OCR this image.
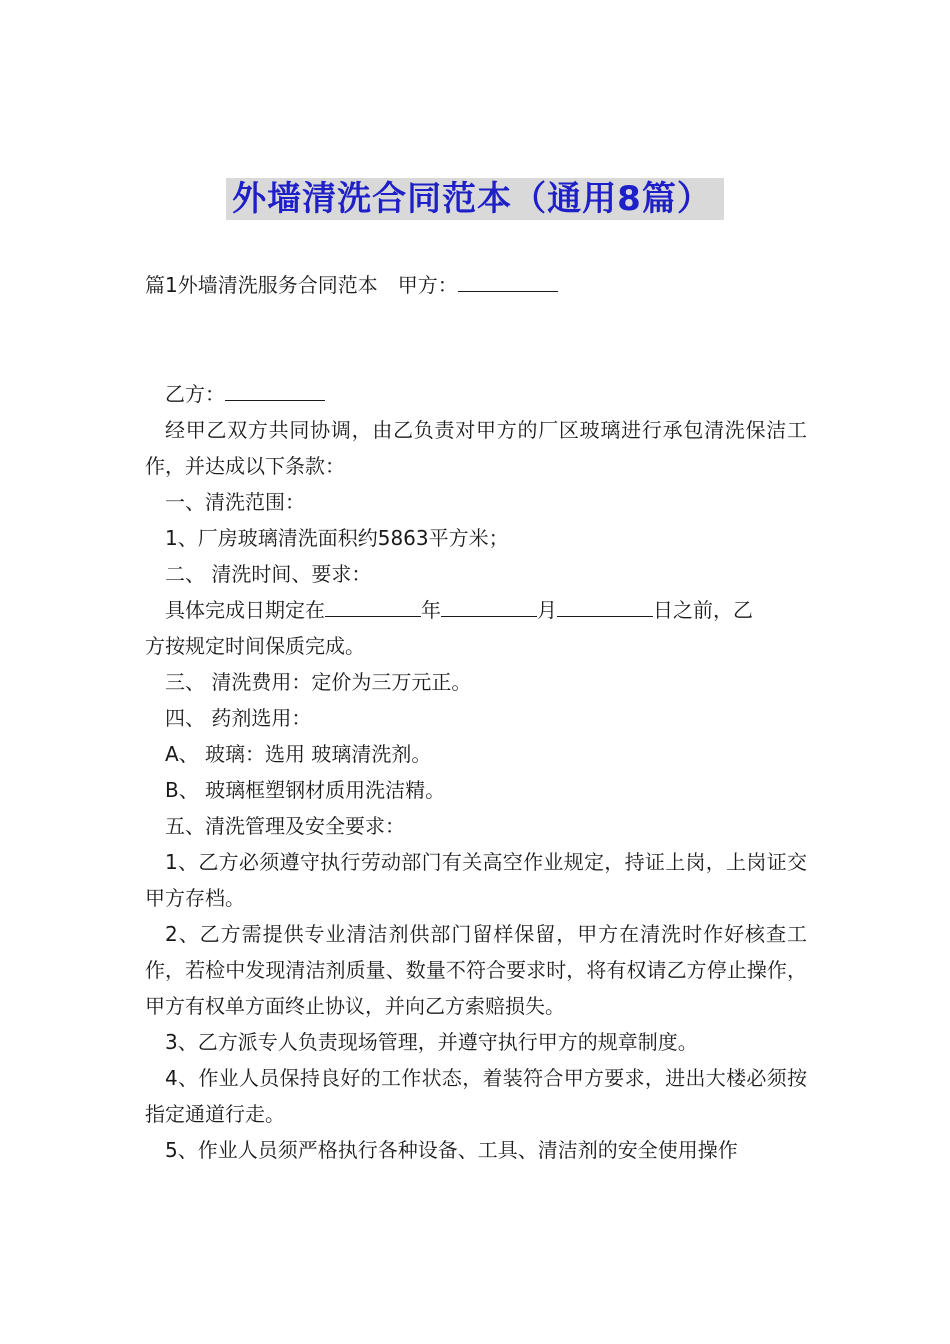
外墙清洗合同范本（通用8篇）
篇1外墙清洗服务合同范本　甲方：
乙方：
经甲乙双方共同协调，由乙负责对甲方的厂区玻璃进行承包清洗保洁工作，并达成以下条款：
一、清洗范围：
1、厂房玻璃清洗面积约5863平方米；
二、 清洗时间、要求：
具体完成日期定在	年	月	日之前，乙
方按规定时间保质完成。
三、 清洗费用：定价为三万元正。
四、 药剂选用：
A、 玻璃：选用 玻璃清洗剂。
B、 玻璃框塑钢材质用洗洁精。
五、清洗管理及安全要求：
1、乙方必须遵守执行劳动部门有关高空作业规定，持证上岗，上岗证交甲方存档。
2、乙方需提供专业清洁剂供部门留样保留，甲方在清洗时作好核查工作，若检中发现清洁剂质量、数量不符合要求时，将有权请乙方停止操作，甲方有权单方面终止协议，并向乙方索赔损失。
3、乙方派专人负责现场管理，并遵守执行甲方的规章制度。
4、作业人员保持良好的工作状态，着装符合甲方要求，进出大楼必须按指定通道行走。
5、作业人员须严格执行各种设备、工具、清洁剂的安全使用操作
